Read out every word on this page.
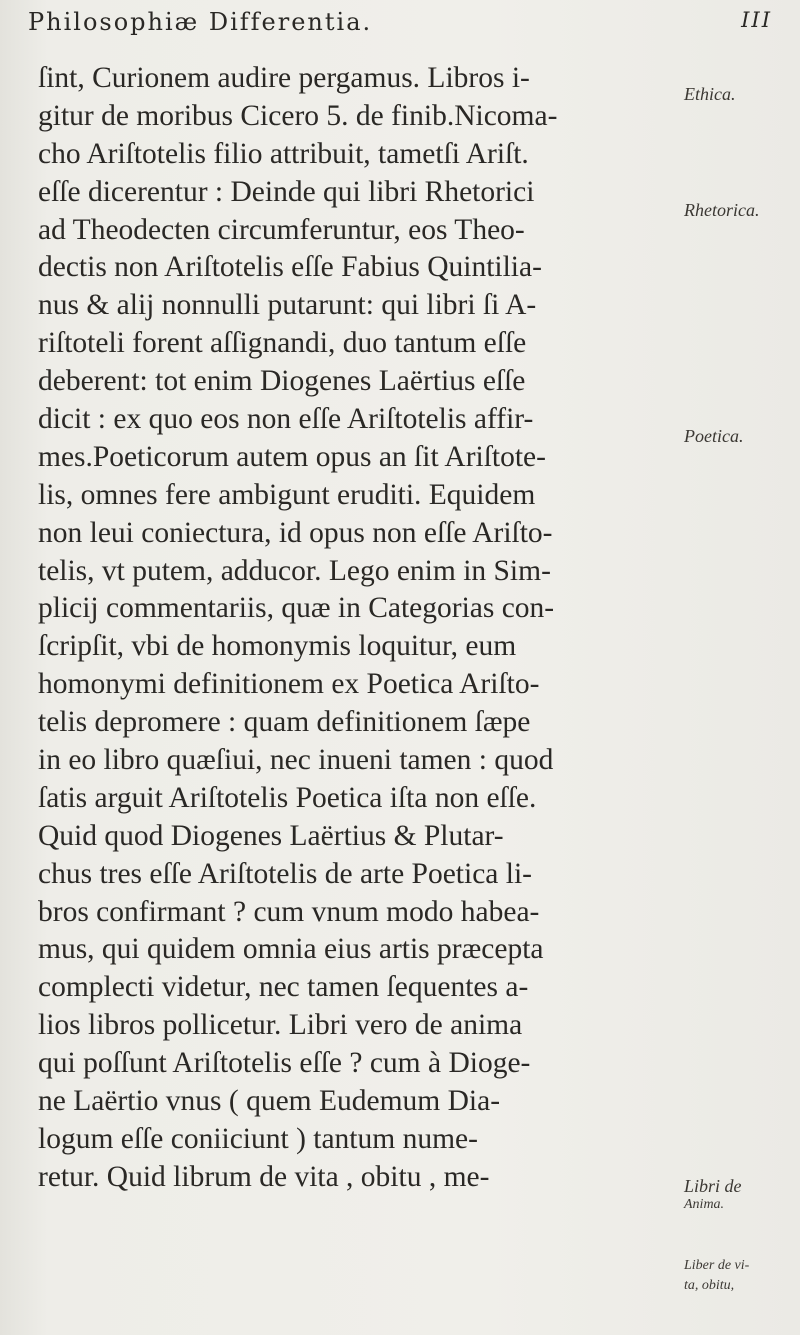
Philosophiæ Differentia.	III
ſint, Curionem audire pergamus. Libros i-
gitur de moribus Cicero 5. de finib.Nicoma-
cho Ariſtotelis filio attribuit, tametſi Ariſt.
eſſe dicerentur : Deinde qui libri Rhetorici
ad Theodecten circumferuntur, eos Theo-
dectis non Ariſtotelis eſſe Fabius Quintilia-
nus & alij nonnulli putarunt: qui libri ſi A-
riſtoteli forent aſſignandi, duo tantum eſſe
deberent: tot enim Diogenes Laërtius eſſe
dicit : ex quo eos non eſſe Ariſtotelis affir-
mes.Poeticorum autem opus an ſit Ariſtote-
lis, omnes fere ambigunt eruditi. Equidem
non leui coniectura, id opus non eſſe Ariſto-
telis, vt putem, adducor. Lego enim in Sim-
plicij commentariis, quæ in Categorias con-
ſcripſit, vbi de homonymis loquitur, eum
homonymi definitionem ex Poetica Ariſto-
telis depromere : quam definitionem ſæpe
in eo libro quæſiui, nec inueni tamen : quod
ſatis arguit Ariſtotelis Poetica iſta non eſſe.
Quid quod Diogenes Laërtius & Plutar-
chus tres eſſe Ariſtotelis de arte Poetica li-
bros confirmant ? cum vnum modo habea-
mus, qui quidem omnia eius artis præcepta
complecti videtur, nec tamen ſequentes a-
lios libros pollicetur. Libri vero de anima
qui poſſunt Ariſtotelis eſſe ? cum à Dioge-
ne Laërtio vnus ( quem Eudemum Dia-
logum eſſe coniiciunt ) tantum nume-
retur. Quid librum de vita , obitu , me-
Ethica.
Rhetorica.
Poetica.
Libri de
Anima.
Liber de vi-
ta, obitu,
